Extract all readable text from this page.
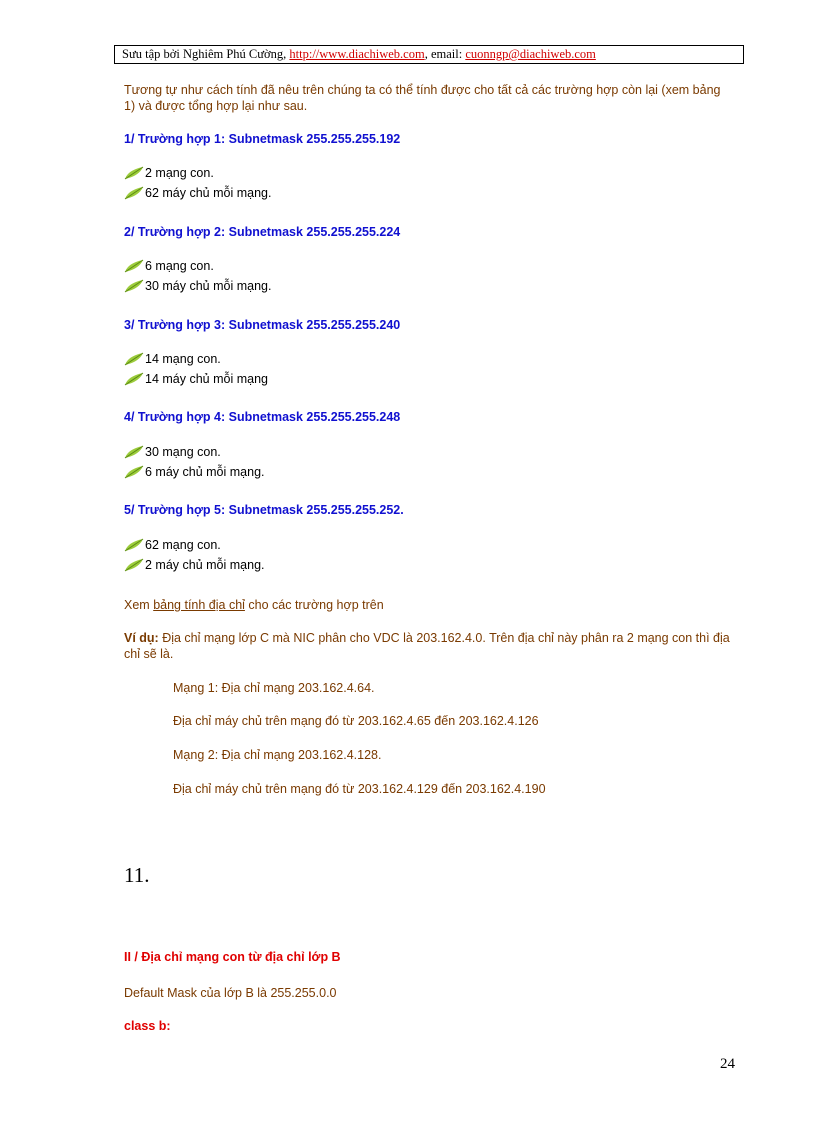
Sưu tập bởi Nghiêm Phú Cường, http://www.diachiweb.com, email: cuonngp@diachiweb.com
Tương tự như cách tính đã nêu trên chúng ta có thể tính được cho tất cả các trường hợp còn lại (xem bảng 1) và được tổng hợp lại như sau.
1/ Trường hợp 1: Subnetmask 255.255.255.192
2 mạng con.
62 máy chủ mỗi mạng.
2/ Trường hợp 2: Subnetmask 255.255.255.224
6 mạng con.
30 máy chủ mỗi mạng.
3/ Trường hợp 3: Subnetmask 255.255.255.240
14 mạng con.
14 máy chủ mỗi mạng
4/ Trường hợp 4: Subnetmask 255.255.255.248
30 mạng con.
6 máy chủ mỗi mạng.
5/ Trường hợp 5: Subnetmask 255.255.255.252.
62 mạng con.
2 máy chủ mỗi mạng.
Xem bảng tính địa chỉ cho các trường hợp trên
Ví dụ: Địa chỉ mạng lớp C mà NIC phân cho VDC là 203.162.4.0. Trên địa chỉ này phân ra 2 mạng con thì địa chỉ sẽ là.
Mạng 1: Địa chỉ mạng 203.162.4.64.
Địa chỉ máy chủ trên mạng đó từ 203.162.4.65 đến 203.162.4.126
Mạng 2: Địa chỉ mạng 203.162.4.128.
Địa chỉ máy chủ trên mạng đó từ 203.162.4.129 đến 203.162.4.190
11.
II / Địa chỉ mạng con từ địa chỉ lớp B
Default Mask của lớp B là 255.255.0.0
class b:
24
